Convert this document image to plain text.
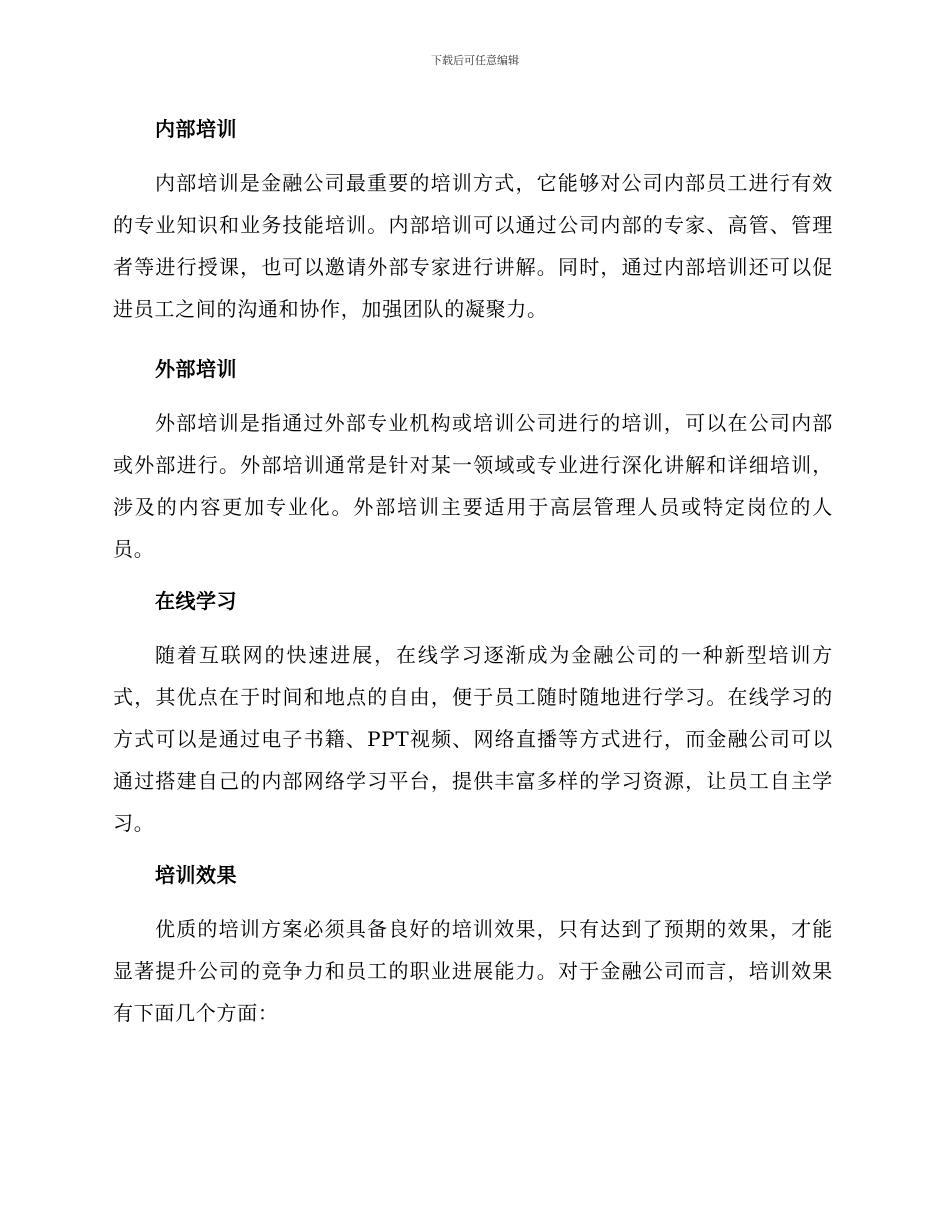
下载后可任意编辑
内部培训

内部培训是金融公司最重要的培训方式，它能够对公司内部员工进行有效的专业知识和业务技能培训。内部培训可以通过公司内部的专家、高管、管理者等进行授课，也可以邀请外部专家进行讲解。同时，通过内部培训还可以促进员工之间的沟通和协作，加强团队的凝聚力。

外部培训

外部培训是指通过外部专业机构或培训公司进行的培训，可以在公司内部或外部进行。外部培训通常是针对某一领域或专业进行深化讲解和详细培训，涉及的内容更加专业化。外部培训主要适用于高层管理人员或特定岗位的人员。

在线学习

随着互联网的快速进展，在线学习逐渐成为金融公司的一种新型培训方式，其优点在于时间和地点的自由，便于员工随时随地进行学习。在线学习的方式可以是通过电子书籍、PPT视频、网络直播等方式进行，而金融公司可以通过搭建自己的内部网络学习平台，提供丰富多样的学习资源，让员工自主学习。

培训效果

优质的培训方案必须具备良好的培训效果，只有达到了预期的效果，才能显著提升公司的竞争力和员工的职业进展能力。对于金融公司而言，培训效果有下面几个方面：
